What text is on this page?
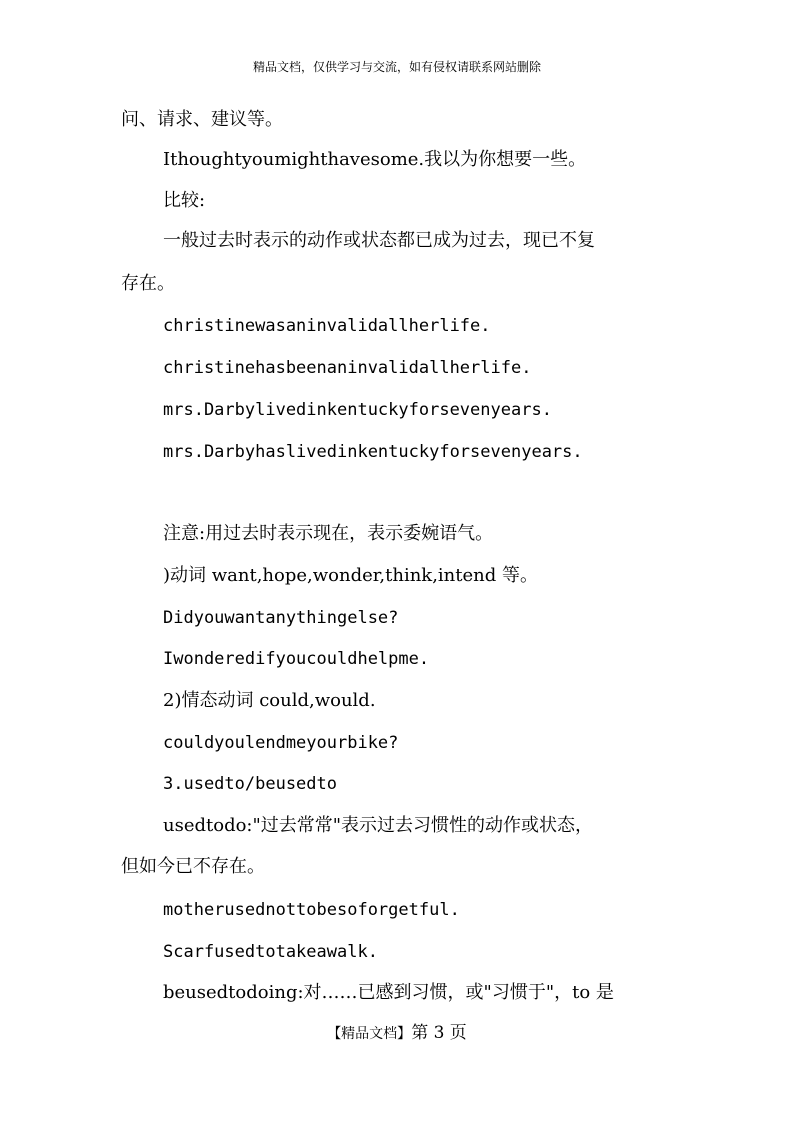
精品文档，仅供学习与交流，如有侵权请联系网站删除
问、请求、建议等。
Ithoughtyoumighthavesome.我以为你想要一些。
比较:
一般过去时表示的动作或状态都已成为过去，现已不复
存在。
christinewasaninvalidallherlife.
christinehasbeenaninvalidallherlife.
mrs.Darbylivedinkentuckyforsevenyears.
mrs.Darbyhaslivedinkentuckyforsevenyears.
注意:用过去时表示现在，表示委婉语气。
)动词 want,hope,wonder,think,intend 等。
Didyouwantanythingelse?
Iwonderedifyoucouldhelpme.
2)情态动词 could,would.
couldyoulendmeyourbike?
3.usedto/beusedto
usedtodo:"过去常常"表示过去习惯性的动作或状态，
但如今已不存在。
motherusednottobesoforgetful.
Scarfusedtotakeawalk.
beusedtodoing:对……已感到习惯，或"习惯于"，to 是
【精品文档】第 3 页
